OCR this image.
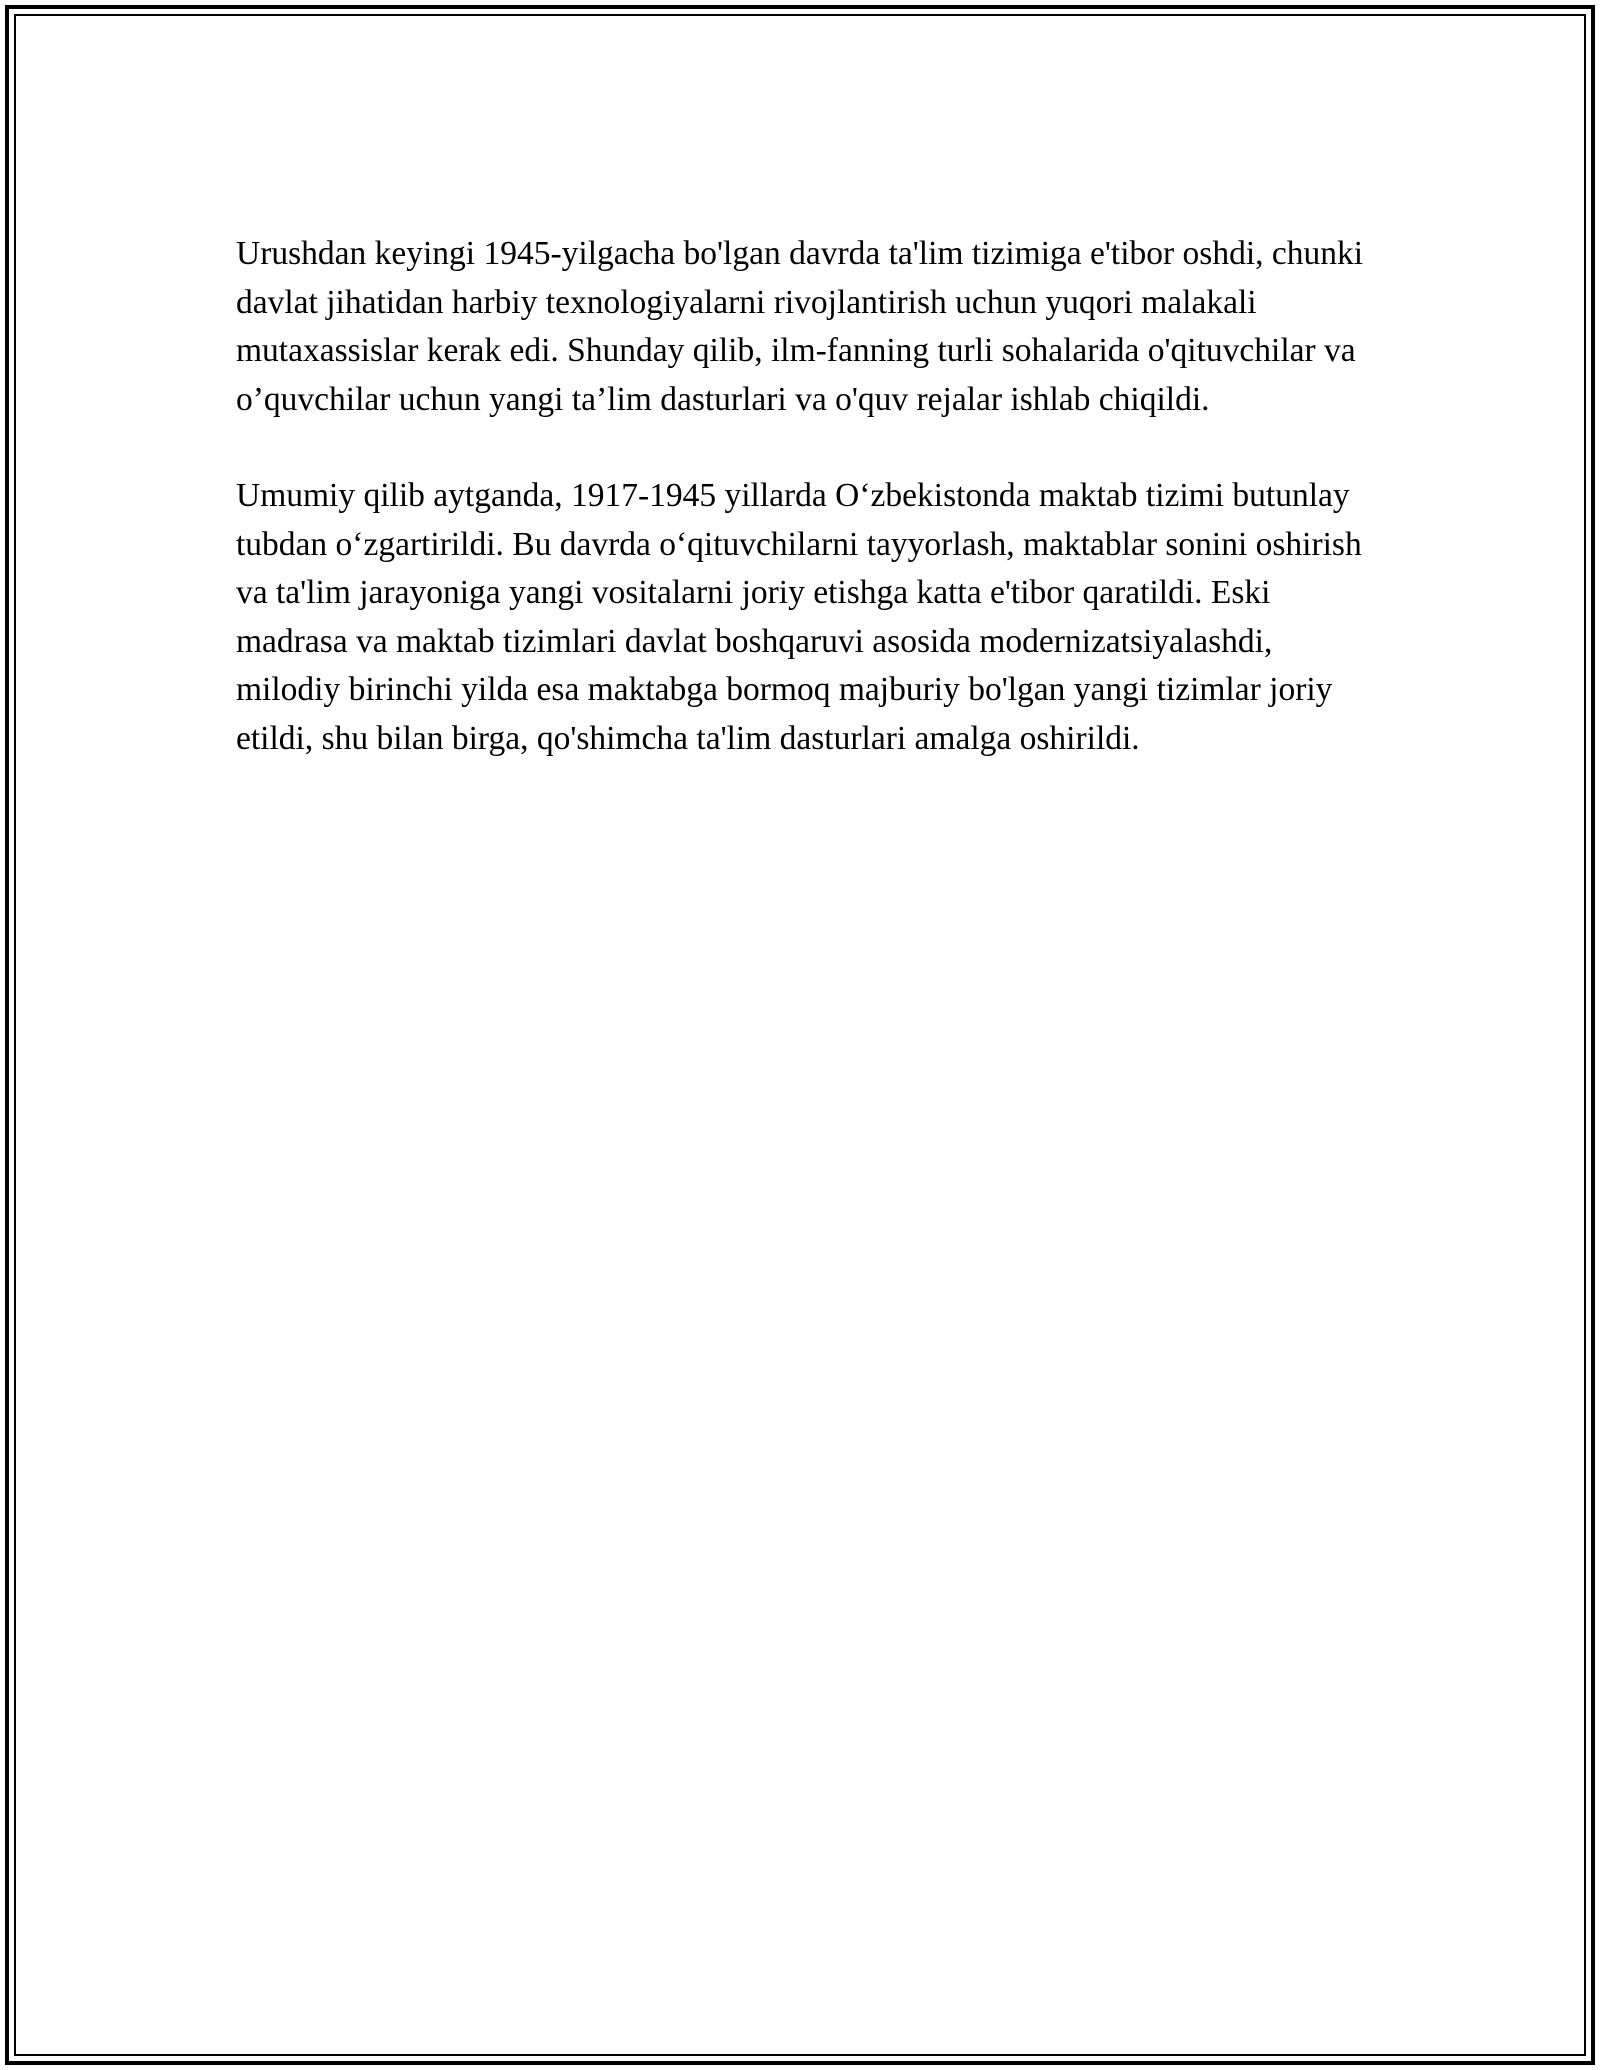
Urushdan keyingi 1945-yilgacha bo'lgan davrda ta'lim tizimiga e'tibor oshdi, chunki davlat jihatidan harbiy texnologiyalarni rivojlantirish uchun yuqori malakali mutaxassislar kerak edi. Shunday qilib, ilm-fanning turli sohalarida o'qituvchilar va o’quvchilar uchun yangi ta’lim dasturlari va o'quv rejalar ishlab chiqildi.

Umumiy qilib aytganda, 1917-1945 yillarda O‘zbekistonda maktab tizimi butunlay tubdan o‘zgartirildi. Bu davrda o‘qituvchilarni tayyorlash, maktablar sonini oshirish va ta'lim jarayoniga yangi vositalarni joriy etishga katta e'tibor qaratildi. Eski madrasa va maktab tizimlari davlat boshqaruvi asosida modernizatsiyalashdi, milodiy birinchi yilda esa maktabga bormoq majburiy bo'lgan yangi tizimlar joriy etildi, shu bilan birga, qo'shimcha ta'lim dasturlari amalga oshirildi.
